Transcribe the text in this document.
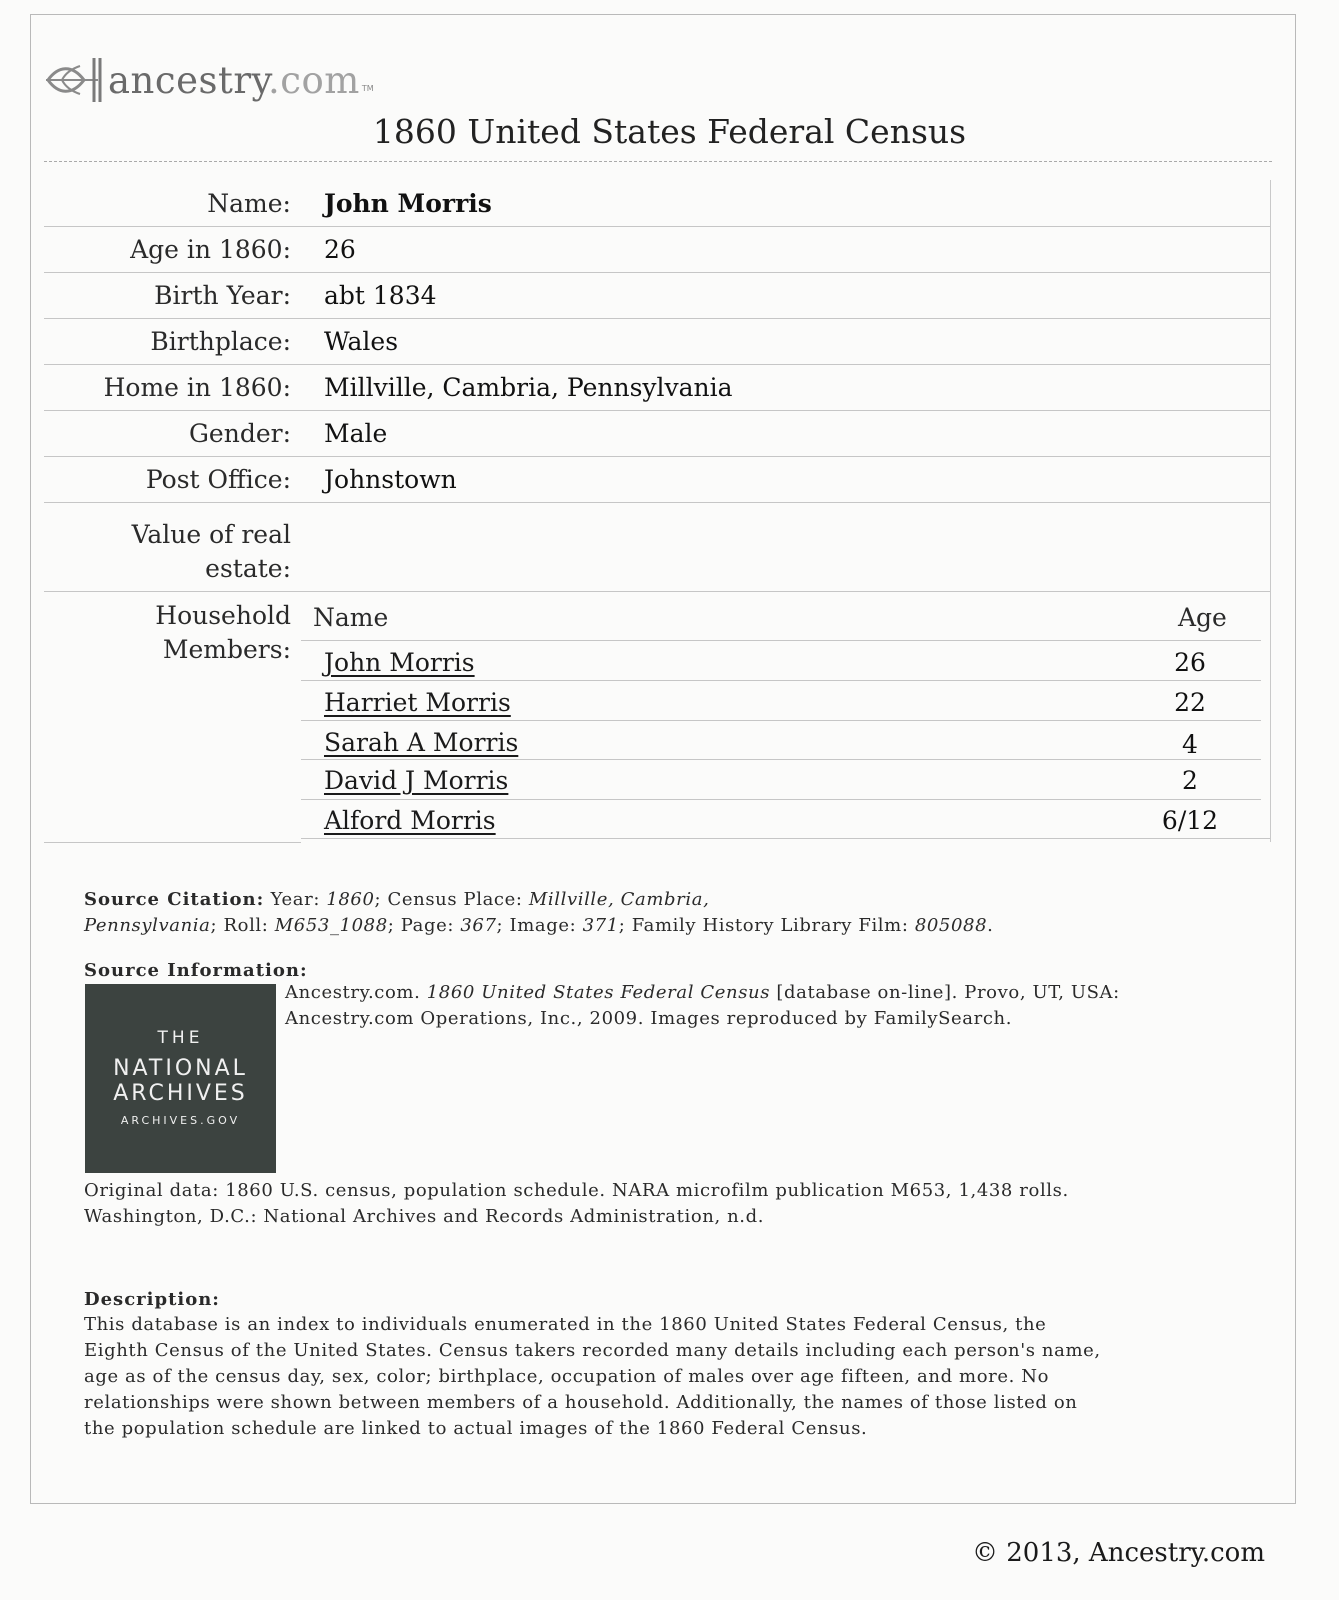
ancestry.com TM
1860 United States Federal Census
Name: John Morris
Age in 1860: 26
Birth Year: abt 1834
Birthplace: Wales
Home in 1860: Millville, Cambria, Pennsylvania
Gender: Male
Post Office: Johnstown
Value of real
estate:
Household
Members:
Name	Age
John Morris	26
Harriet Morris	22
Sarah A Morris	4
David J Morris	2
Alford Morris	6/12
Source Citation: Year: 1860; Census Place: Millville, Cambria,
Pennsylvania; Roll: M653_1088; Page: 367; Image: 371; Family History Library Film: 805088.
Source Information:
Ancestry.com. 1860 United States Federal Census [database on-line]. Provo, UT, USA:
Ancestry.com Operations, Inc., 2009. Images reproduced by FamilySearch.
THE
NATIONAL
ARCHIVES
ARCHIVES.GOV
Original data: 1860 U.S. census, population schedule. NARA microfilm publication M653, 1,438 rolls.
Washington, D.C.: National Archives and Records Administration, n.d.
Description:
This database is an index to individuals enumerated in the 1860 United States Federal Census, the
Eighth Census of the United States. Census takers recorded many details including each person's name,
age as of the census day, sex, color; birthplace, occupation of males over age fifteen, and more. No
relationships were shown between members of a household. Additionally, the names of those listed on
the population schedule are linked to actual images of the 1860 Federal Census.
© 2013, Ancestry.com
